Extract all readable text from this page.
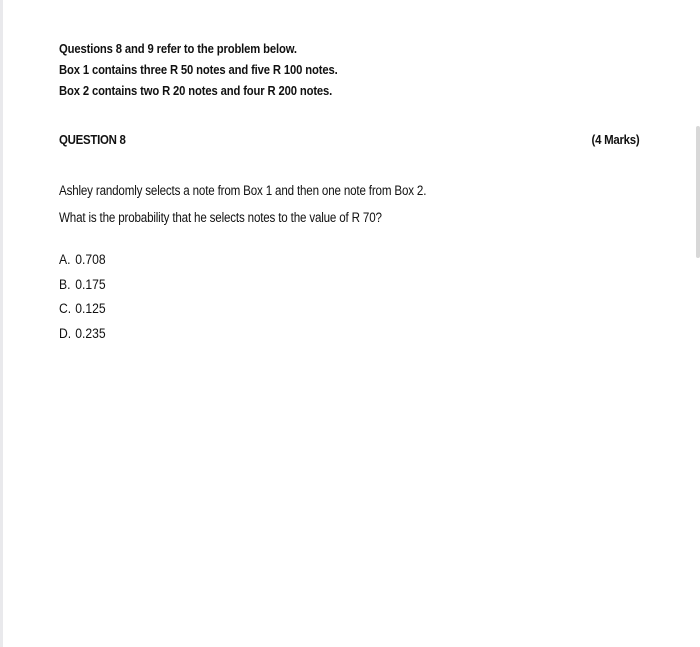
Questions 8 and 9 refer to the problem below.
Box 1 contains three R 50 notes and five R 100 notes.
Box 2 contains two R 20 notes and four R 200 notes.
QUESTION 8	(4 Marks)
Ashley randomly selects a note from Box 1 and then one note from Box 2.
What is the probability that he selects notes to the value of R 70?
A. 0.708
B. 0.175
C. 0.125
D. 0.235
